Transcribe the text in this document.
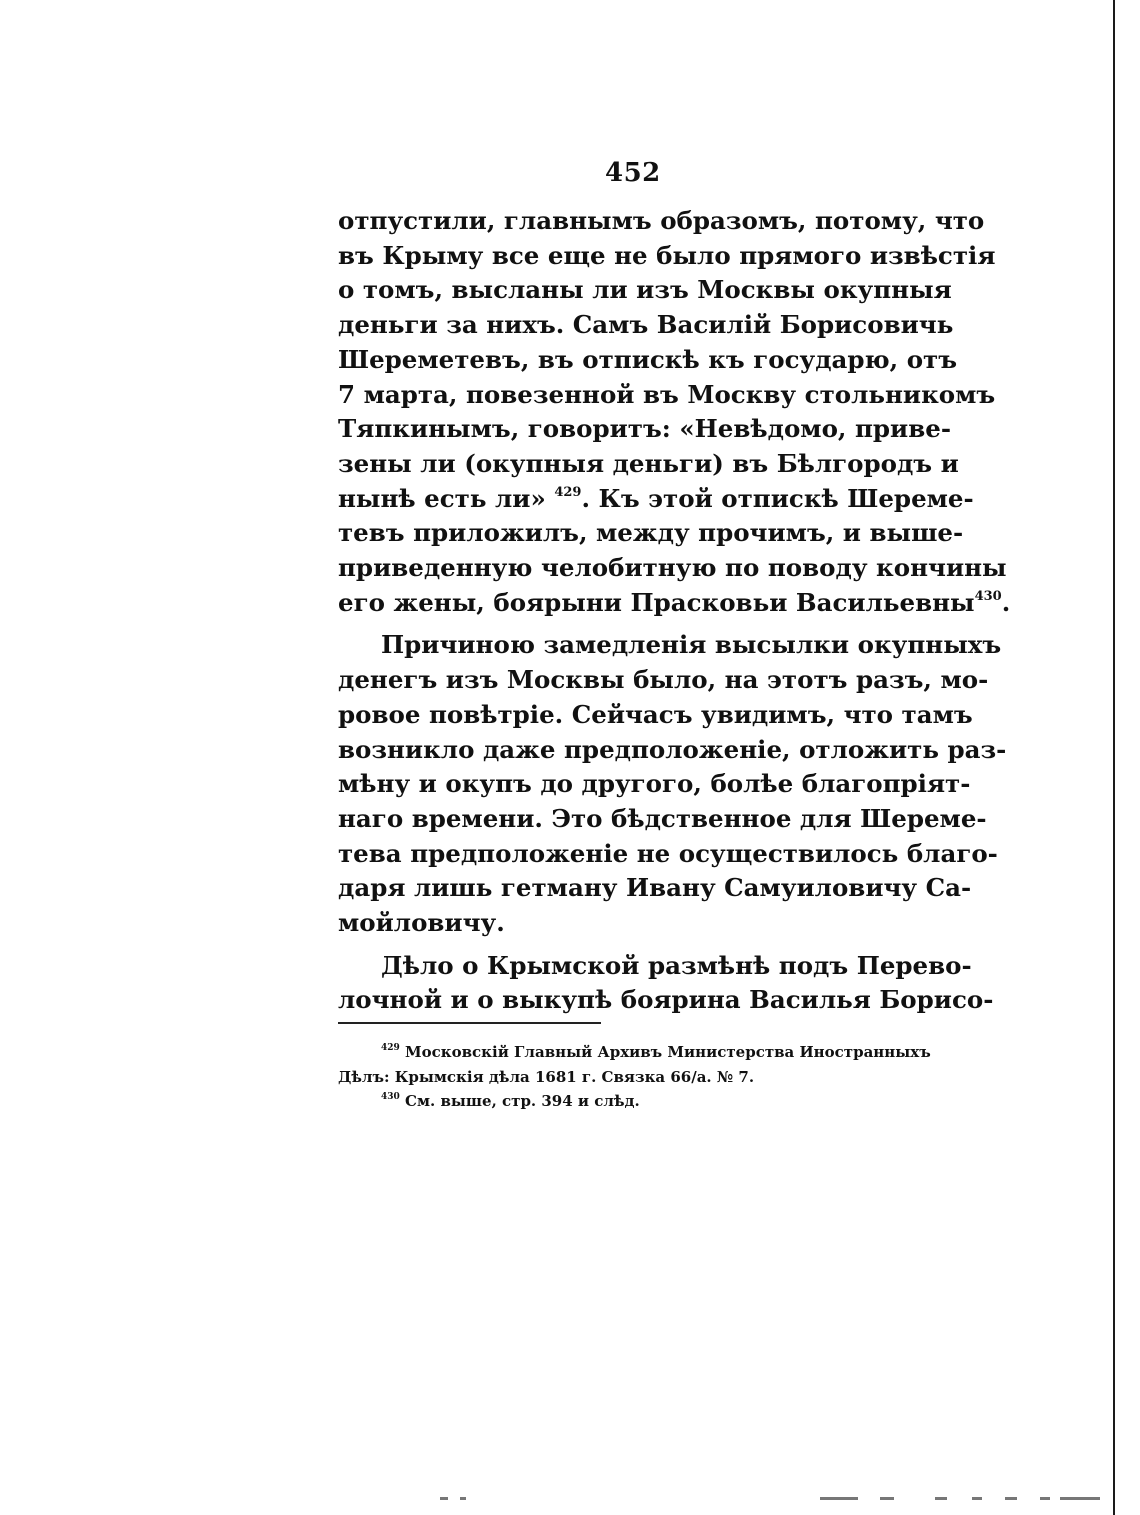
452
отпустили, главнымъ образомъ, потому, что
въ Крыму все еще не было прямого извѣстія
о томъ, высланы ли изъ Москвы окупныя
деньги за нихъ. Самъ Василій Борисовичь
Шереметевъ, въ отпискѣ къ государю, отъ
7 марта, повезенной въ Москву стольникомъ
Тяпкинымъ, говоритъ: «Невѣдомо, приве-
зены ли (окупныя деньги) въ Бѣлгородъ и
нынѣ есть ли» $^{429}$. Къ этой отпискѣ Шереме-
тевъ приложилъ, между прочимъ, и выше-
приведенную челобитную по поводу кончины
его жены, боярыни Прасковьи Васильевны$^{430}$.
Причиною замедленія высылки окупныхъ
денегъ изъ Москвы было, на этотъ разъ, мо-
ровое повѣтріе. Сейчасъ увидимъ, что тамъ
возникло даже предположеніе, отложить раз-
мѣну и окупъ до другого, болѣе благопріят-
наго времени. Это бѣдственное для Шереме-
тева предположеніе не осуществилось благо-
даря лишь гетману Ивану Самуиловичу Са-
мойловичу.
Дѣло о Крымской размѣнѣ подъ Перево-
лочной и о выкупѣ боярина Василья Борисо-
$^{429}$ Московскій Главный Архивъ Министерства Иностранныхъ
Дѣлъ: Крымскія дѣла 1681 г. Связка 66/а. № 7.
$^{430}$ См. выше, стр. 394 и слѣд.
